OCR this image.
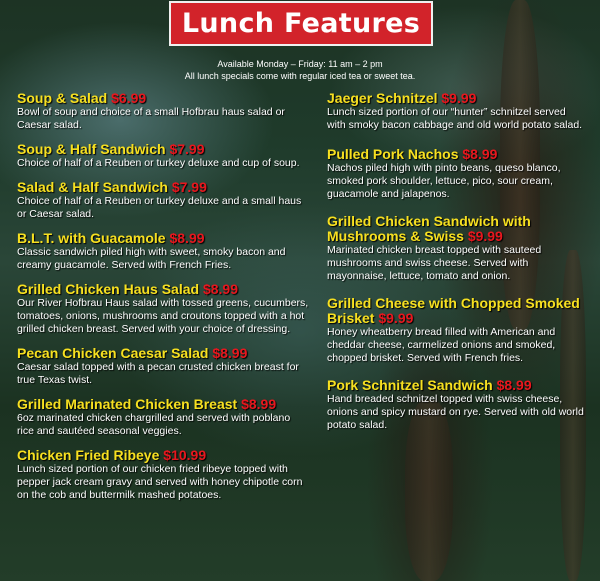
Lunch Features
Available Monday – Friday: 11 am – 2 pm
All lunch specials come with regular iced tea or sweet tea.
Soup & Salad $6.99
Bowl of soup and choice of a small Hofbrau haus salad or Caesar salad.
Soup & Half Sandwich $7.99
Choice of half of a Reuben or turkey deluxe and cup of soup.
Salad & Half Sandwich $7.99
Choice of half of a Reuben or turkey deluxe and a small haus or Caesar salad.
B.L.T. with Guacamole $8.99
Classic sandwich piled high with sweet, smoky bacon and creamy guacamole. Served with French Fries.
Grilled Chicken Haus Salad $8.99
Our River Hofbrau Haus salad with tossed greens, cucumbers, tomatoes, onions, mushrooms and croutons topped with a hot grilled chicken breast. Served with your choice of dressing.
Pecan Chicken Caesar Salad $8.99
Caesar salad topped with a pecan crusted chicken breast for true Texas twist.
Grilled Marinated Chicken Breast $8.99
6oz marinated chicken chargrilled and served with poblano rice and sautéed seasonal veggies.
Chicken Fried Ribeye $10.99
Lunch sized portion of our chicken fried ribeye topped with pepper jack cream gravy and served with honey chipotle corn on the cob and buttermilk mashed potatoes.
Jaeger Schnitzel $9.99
Lunch sized portion of our “hunter” schnitzel served with smoky bacon cabbage and old world potato salad.
Pulled Pork Nachos $8.99
Nachos piled high with pinto beans, queso blanco, smoked pork shoulder, lettuce, pico, sour cream, guacamole and jalapenos.
Grilled Chicken Sandwich with Mushrooms & Swiss $9.99
Marinated chicken breast topped with sauteed mushrooms and swiss cheese. Served with mayonnaise, lettuce, tomato and onion.
Grilled Cheese with Chopped Smoked Brisket $9.99
Honey wheatberry bread filled with American and cheddar cheese, carmelized onions and smoked, chopped brisket. Served with French fries.
Pork Schnitzel Sandwich $8.99
Hand breaded schnitzel topped with swiss cheese, onions and spicy mustard on rye. Served with old world potato salad.
